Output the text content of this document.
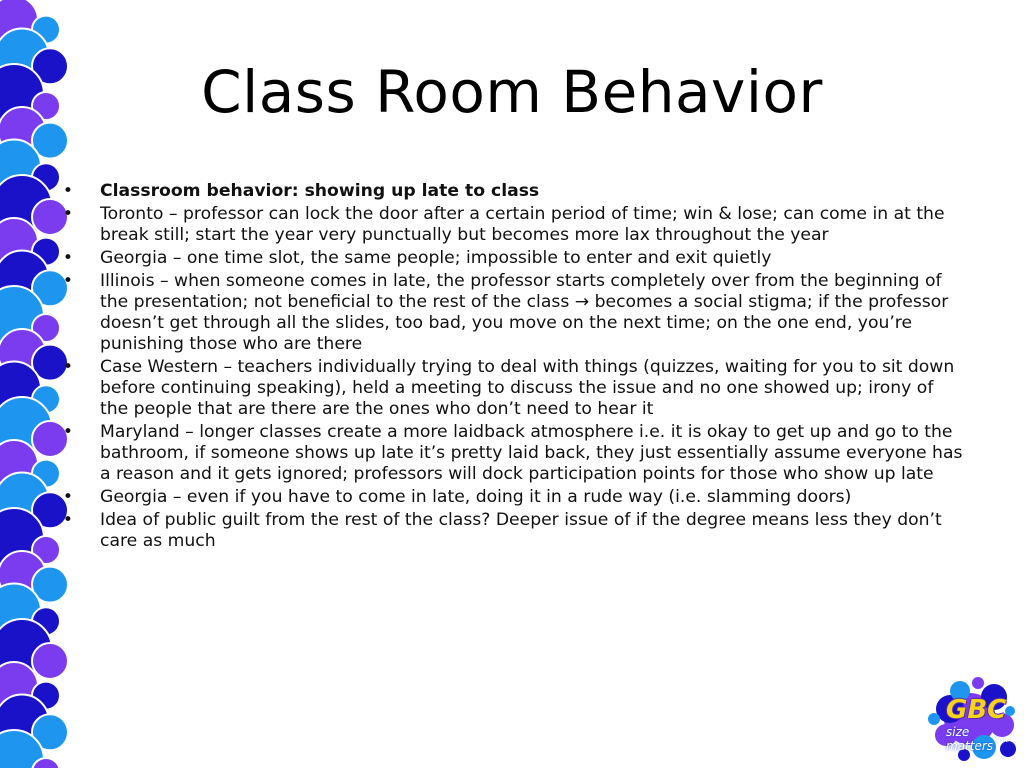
Class Room Behavior
• Classroom behavior: showing up late to class
• Toronto – professor can lock the door after a certain period of time; win & lose; can come in at the break still; start the year very punctually but becomes more lax throughout the year
• Georgia – one time slot, the same people; impossible to enter and exit quietly
• Illinois – when someone comes in late, the professor starts completely over from the beginning of the presentation; not beneficial to the rest of the class → becomes a social stigma; if the professor doesn’t get through all the slides, too bad, you move on the next time; on the one end, you’re punishing those who are there
• Case Western – teachers individually trying to deal with things (quizzes, waiting for you to sit down before continuing speaking), held a meeting to discuss the issue and no one showed up; irony of the people that are there are the ones who don’t need to hear it
• Maryland – longer classes create a more laidback atmosphere i.e. it is okay to get up and go to the bathroom, if someone shows up late it’s pretty laid back, they just essentially assume everyone has a reason and it gets ignored; professors will dock participation points for those who show up late
• Georgia – even if you have to come in late, doing it in a rude way (i.e. slamming doors)
• Idea of public guilt from the rest of the class? Deeper issue of if the degree means less they don’t care as much
GBC
size matters 2012
